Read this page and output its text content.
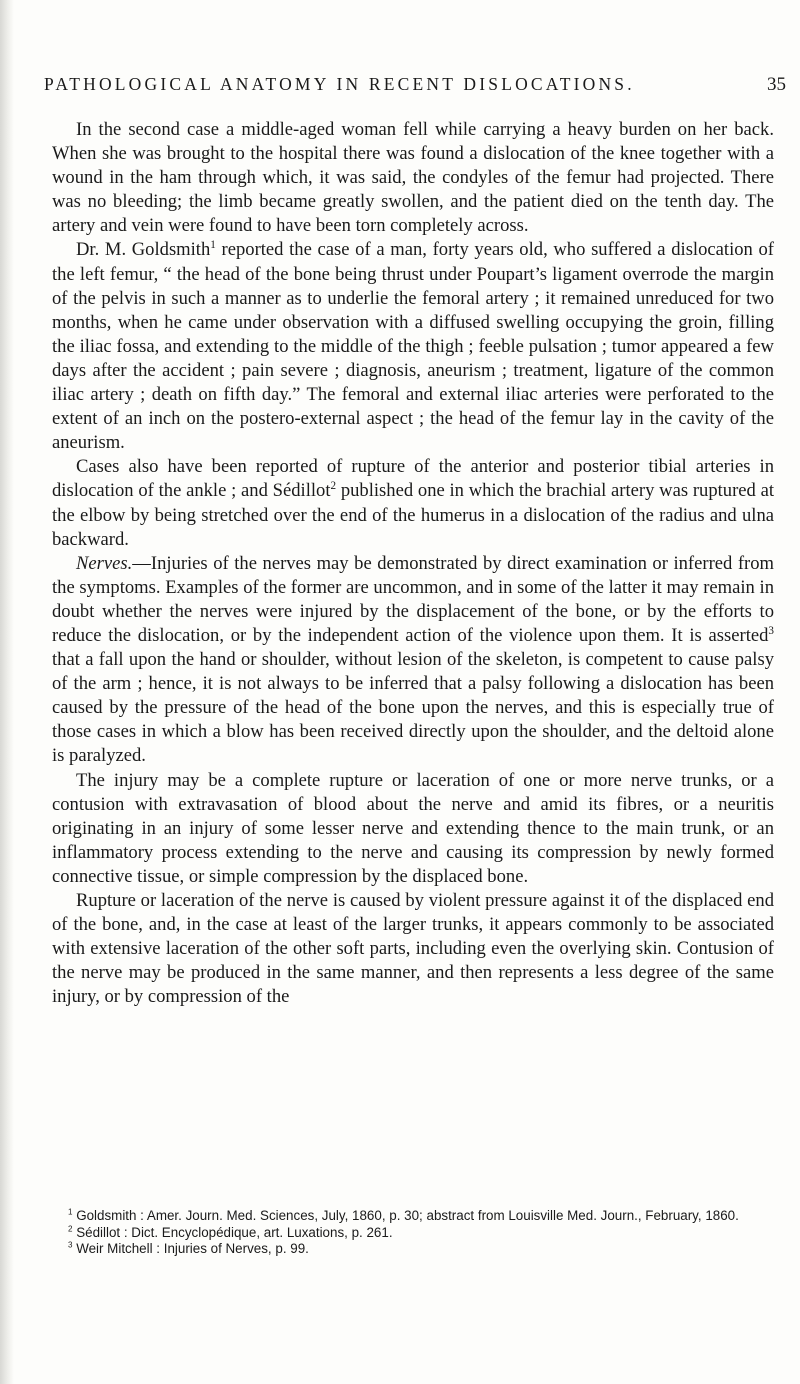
PATHOLOGICAL ANATOMY IN RECENT DISLOCATIONS.	35

In the second case a middle-aged woman fell while carrying a heavy burden on her back. When she was brought to the hospital there was found a dislocation of the knee together with a wound in the ham through which, it was said, the condyles of the femur had projected. There was no bleeding; the limb became greatly swollen, and the patient died on the tenth day. The artery and vein were found to have been torn completely across.

Dr. M. Goldsmith$^1$ reported the case of a man, forty years old, who suffered a dislocation of the left femur, “ the head of the bone being thrust under Poupart’s ligament overrode the margin of the pelvis in such a manner as to underlie the femoral artery ; it remained unreduced for two months, when he came under observation with a diffused swelling occupying the groin, filling the iliac fossa, and extending to the middle of the thigh ; feeble pulsation ; tumor appeared a few days after the accident ; pain severe ; diagnosis, aneurism ; treatment, ligature of the common iliac artery ; death on fifth day.” The femoral and external iliac arteries were perforated to the extent of an inch on the postero-external aspect ; the head of the femur lay in the cavity of the aneurism.

Cases also have been reported of rupture of the anterior and posterior tibial arteries in dislocation of the ankle ; and Sédillot$^2$ published one in which the brachial artery was ruptured at the elbow by being stretched over the end of the humerus in a dislocation of the radius and ulna backward.

Nerves.—Injuries of the nerves may be demonstrated by direct examination or inferred from the symptoms. Examples of the former are uncommon, and in some of the latter it may remain in doubt whether the nerves were injured by the displacement of the bone, or by the efforts to reduce the dislocation, or by the independent action of the violence upon them. It is asserted$^3$ that a fall upon the hand or shoulder, without lesion of the skeleton, is competent to cause palsy of the arm ; hence, it is not always to be inferred that a palsy following a dislocation has been caused by the pressure of the head of the bone upon the nerves, and this is especially true of those cases in which a blow has been received directly upon the shoulder, and the deltoid alone is paralyzed.

The injury may be a complete rupture or laceration of one or more nerve trunks, or a contusion with extravasation of blood about the nerve and amid its fibres, or a neuritis originating in an injury of some lesser nerve and extending thence to the main trunk, or an inflammatory process extending to the nerve and causing its compression by newly formed connective tissue, or simple compression by the displaced bone.

Rupture or laceration of the nerve is caused by violent pressure against it of the displaced end of the bone, and, in the case at least of the larger trunks, it appears commonly to be associated with extensive laceration of the other soft parts, including even the overlying skin. Contusion of the nerve may be produced in the same manner, and then represents a less degree of the same injury, or by compression of the

$^1$ Goldsmith : Amer. Journ. Med. Sciences, July, 1860, p. 30; abstract from Louisville Med. Journ., February, 1860.

$^2$ Sédillot : Dict. Encyclopédique, art. Luxations, p. 261.

$^3$ Weir Mitchell : Injuries of Nerves, p. 99.
